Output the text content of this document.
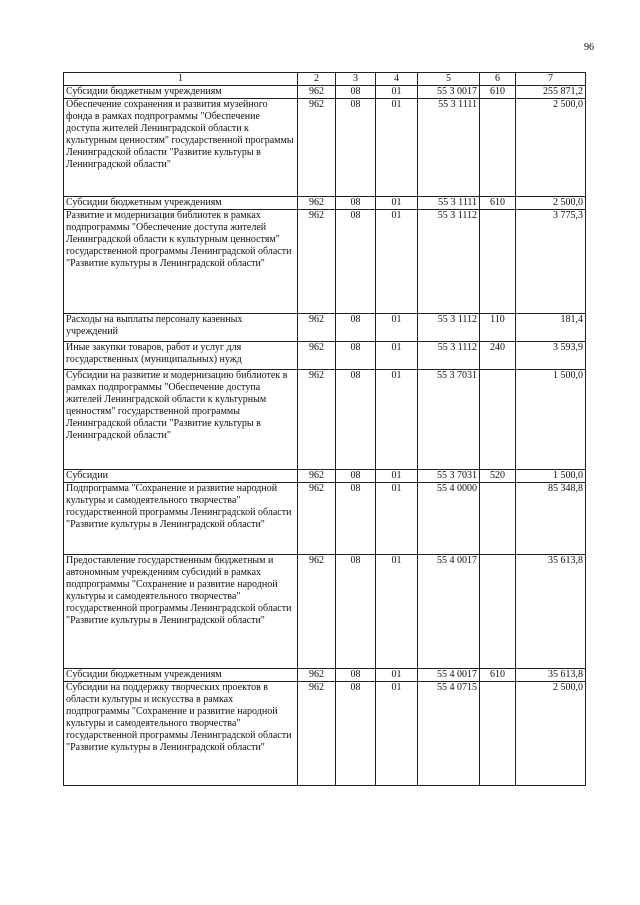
96
1	2	3	4	5	6	7
Субсидии бюджетным учреждениям	962	08	01	55 3 0017	610	255 871,2
Обеспечение сохранения и развития музейного фонда в рамках подпрограммы "Обеспечение доступа жителей Ленинградской области к культурным ценностям" государственной программы Ленинградской области "Развитие культуры в Ленинградской области"	962	08	01	55 3 1111		2 500,0
Субсидии бюджетным учреждениям	962	08	01	55 3 1111	610	2 500,0
Развитие и модернизация библиотек в рамках подпрограммы "Обеспечение доступа жителей Ленинградской области к культурным ценностям" государственной программы Ленинградской области "Развитие культуры в Ленинградской области"	962	08	01	55 3 1112		3 775,3
Расходы на выплаты персоналу казенных учреждений	962	08	01	55 3 1112	110	181,4
Иные закупки товаров, работ и услуг для государственных (муниципальных) нужд	962	08	01	55 3 1112	240	3 593,9
Субсидии на развитие и модернизацию библиотек в рамках подпрограммы "Обеспечение доступа жителей Ленинградской области к культурным ценностям" государственной программы Ленинградской области "Развитие культуры в Ленинградской области"	962	08	01	55 3 7031		1 500,0
Субсидии	962	08	01	55 3 7031	520	1 500,0
Подпрограмма "Сохранение и развитие народной культуры и самодеятельного творчества" государственной программы Ленинградской области "Развитие культуры в Ленинградской области"	962	08	01	55 4 0000		85 348,8
Предоставление государственным бюджетным и автономным учреждениям субсидий в рамках подпрограммы "Сохранение и развитие народной культуры и самодеятельного творчества" государственной программы Ленинградской области "Развитие культуры в Ленинградской области"	962	08	01	55 4 0017		35 613,8
Субсидии бюджетным учреждениям	962	08	01	55 4 0017	610	35 613,8
Субсидии на поддержку творческих проектов в области культуры и искусства в рамках подпрограммы "Сохранение и развитие народной культуры и самодеятельного творчества" государственной программы Ленинградской области "Развитие культуры в Ленинградской области"	962	08	01	55 4 0715		2 500,0
